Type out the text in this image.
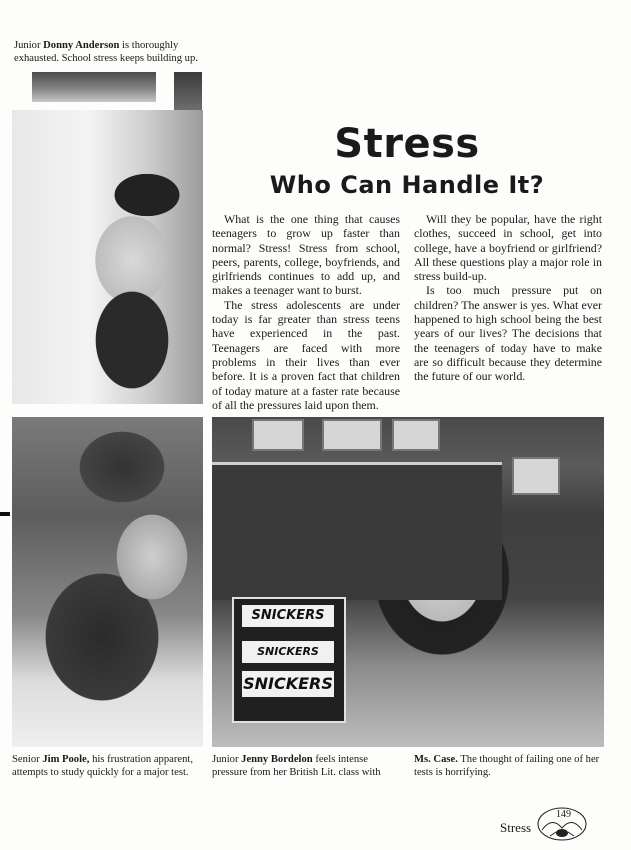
Junior Donny Anderson is thoroughly exhausted. School stress keeps building up.
SNICKERS
SNICKERS
SNICKERS
Stress
Who Can Handle It?

What is the one thing that causes teenagers to grow up faster than normal? Stress! Stress from school, peers, parents, college, boyfriends, and girlfriends continues to add up, and makes a teenager want to burst.

The stress adolescents are under today is far greater than stress teens have experienced in the past. Teenagers are faced with more problems in their lives than ever before. It is a proven fact that children of today mature at a faster rate because of all the pressures laid upon them.

Will they be popular, have the right clothes, succeed in school, get into college, have a boyfriend or girlfriend? All these questions play a major role in stress build-up.

Is too much pressure put on children? The answer is yes. What ever happened to high school being the best years of our lives? The decisions that the teenagers of today have to make are so difficult because they determine the future of our world.

Senior Jim Poole, his frustration apparent, attempts to study quickly for a major test.
Junior Jenny Bordelon feels intense pressure from her British Lit. class with
Ms. Case. The thought of failing one of her tests is horrifying.
Stress
149
